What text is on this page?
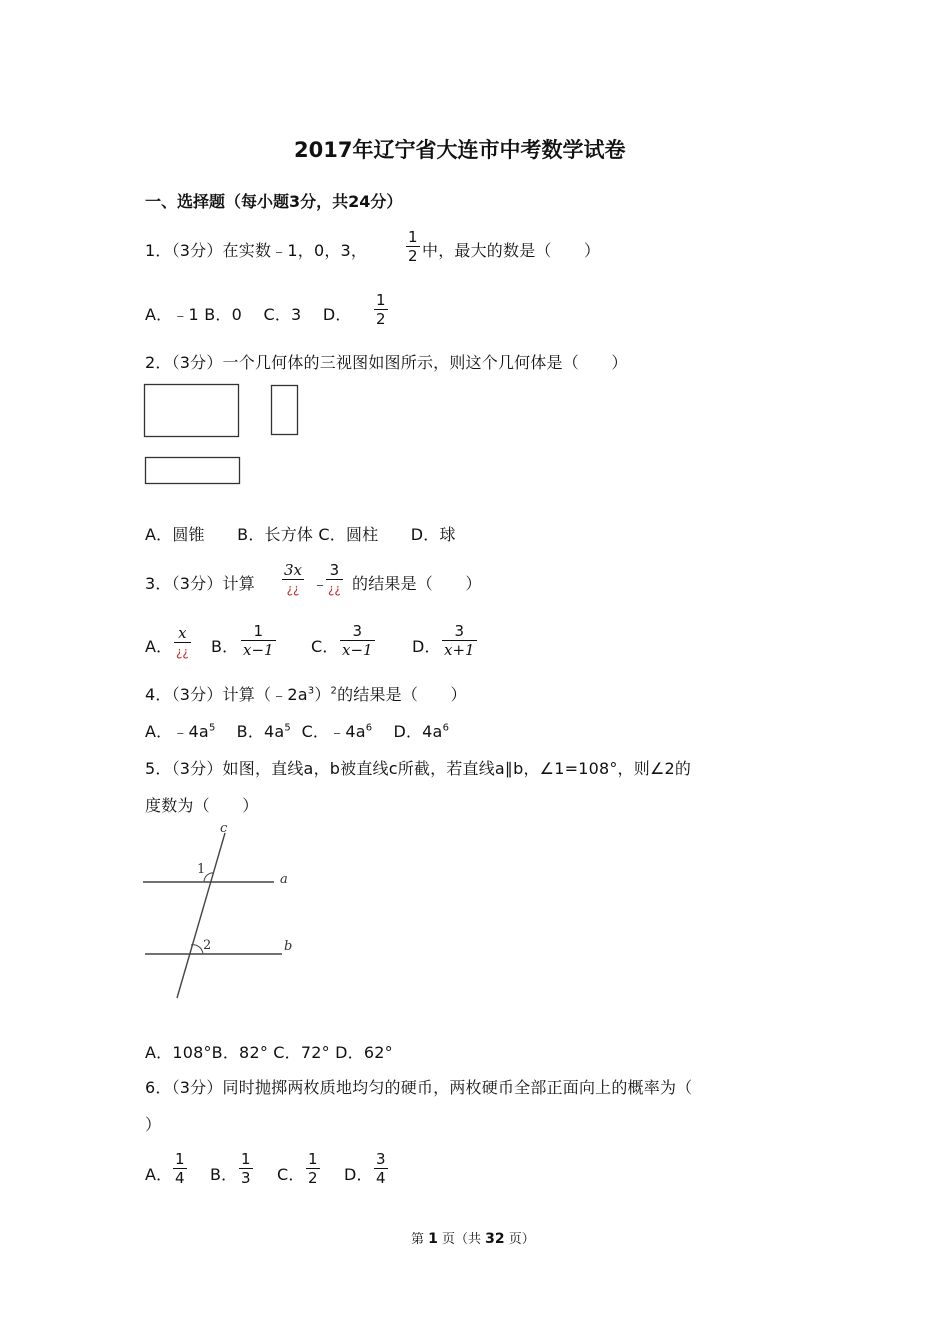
2017年辽宁省大连市中考数学试卷
一、选择题（每小题3分，共24分）
1．（3分）在实数﹣1，0，3，	$\frac{1}{2}$ 中，最大的数是（　　）
A．﹣1 B．0　 C．3　 D． $\frac{1}{2}$
2．（3分）一个几何体的三视图如图所示，则这个几何体是（　　）
A．圆锥　　B．长方体 C．圆柱　　D．球
3．（3分）计算
3x
¿¿ ﹣
3
¿¿ 的结果是（　　）
A．
x
¿¿ B． $\frac{1}{x-1}$ C． $\frac{3}{x-1}$ D． $\frac{3}{x+1}$
4．（3分）计算$(﹣2a^3)^2$的结果是（　　）
A．$﹣4a^5$ B．$4a^5$ C．$﹣4a^6$ D．$4a^6$
5．（3分）如图，直线a，b被直线c所截，若直线a∥b，∠1=108°，则∠2的
度数为（　　）
c
a
b
1
2
A．108°B．82° C．72° D．62°
6．（3分）同时抛掷两枚质地均匀的硬币，两枚硬币全部正面向上的概率为（
）
A． $\frac{1}{4}$ B． $\frac{1}{3}$ C． $\frac{1}{2}$ D． $\frac{3}{4}$
第 1 页（共 32 页）
